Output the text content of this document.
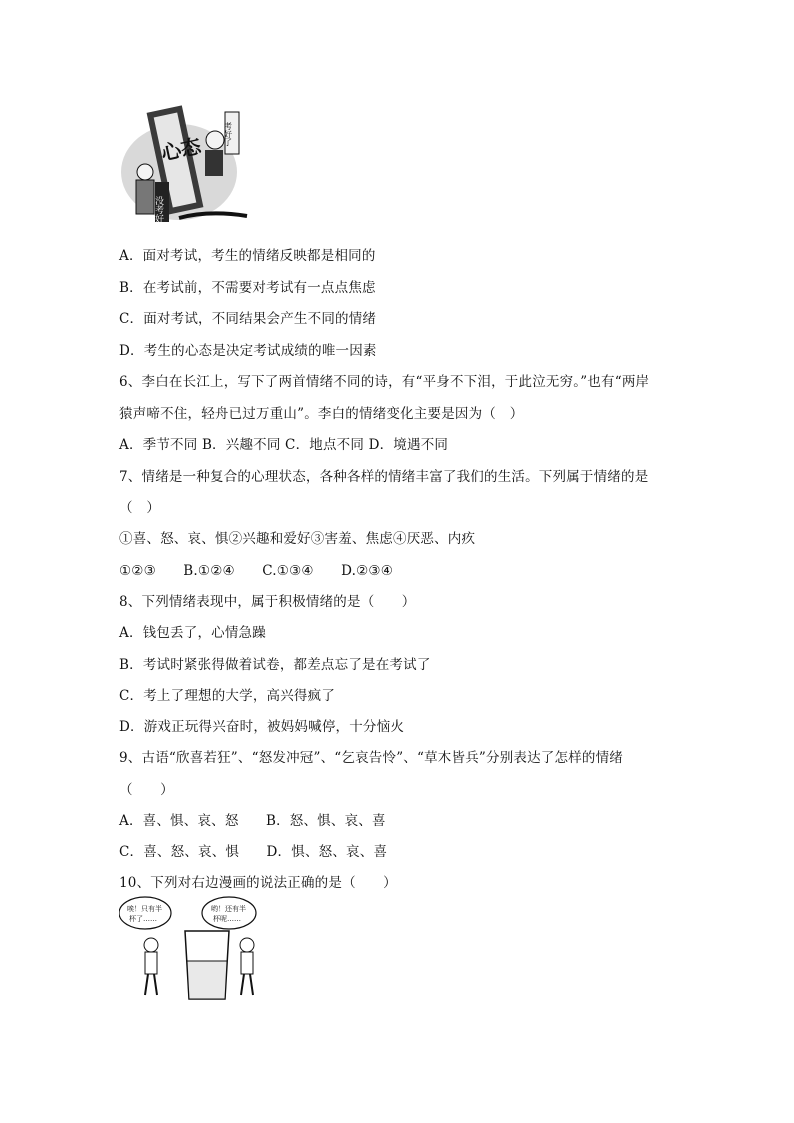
心态
没考好
考好了
A．面对考试，考生的情绪反映都是相同的
B．在考试前，不需要对考试有一点点焦虑
C．面对考试，不同结果会产生不同的情绪
D．考生的心态是决定考试成绩的唯一因素
6、李白在长江上，写下了两首情绪不同的诗，有“平身不下泪，于此泣无穷。”也有“两岸
猿声啼不住，轻舟已过万重山”。李白的情绪变化主要是因为（　）
A．季节不同 B．兴趣不同 C．地点不同 D．境遇不同
7、情绪是一种复合的心理状态，各种各样的情绪丰富了我们的生活。下列属于情绪的是
（　）
①喜、怒、哀、惧②兴趣和爱好③害羞、焦虑④厌恶、内疚
①②③　　B.①②④　　C.①③④　　D.②③④
8、下列情绪表现中，属于积极情绪的是（　　）
A．钱包丢了，心情急躁
B．考试时紧张得做着试卷，都差点忘了是在考试了
C．考上了理想的大学，高兴得疯了
D．游戏正玩得兴奋时，被妈妈喊停，十分恼火
9、古语“欣喜若狂”、“怒发冲冠”、“乞哀告怜”、“草木皆兵”分别表达了怎样的情绪
（　　）
A．喜、惧、哀、怒　　B．怒、惧、哀、喜
C．喜、怒、哀、惧　　D．惧、怒、哀、喜
10、下列对右边漫画的说法正确的是（　　）
唉！只有半
杯了……
哟！还有半
杯呢……
